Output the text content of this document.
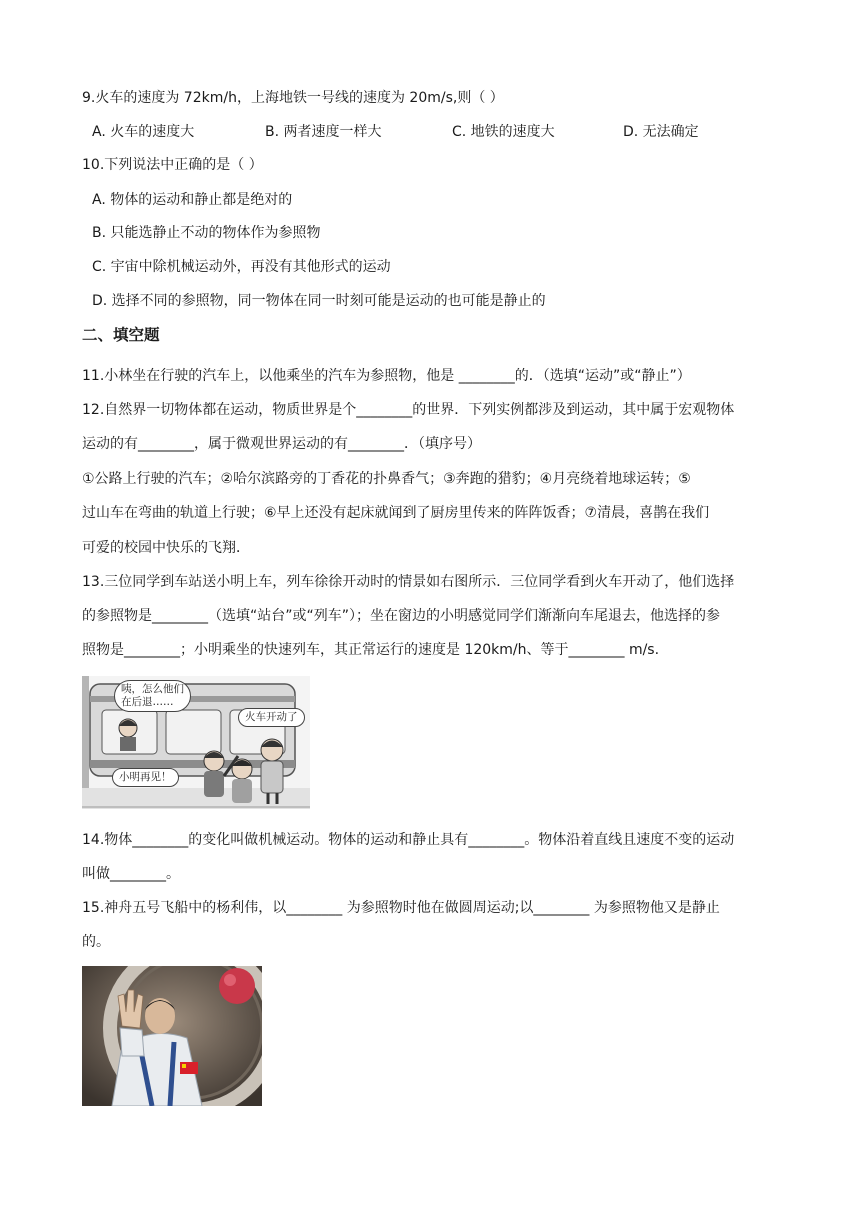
9.火车的速度为 72km/h，上海地铁一号线的速度为 20m/s,则（ ）
A. 火车的速度大	B. 两者速度一样大	C. 地铁的速度大	D. 无法确定
10.下列说法中正确的是（ ）
A. 物体的运动和静止都是绝对的
B. 只能选静止不动的物体作为参照物
C. 宇宙中除机械运动外，再没有其他形式的运动
D. 选择不同的参照物，同一物体在同一时刻可能是运动的也可能是静止的
二、填空题
11.小林坐在行驶的汽车上，以他乘坐的汽车为参照物，他是 ________的．（选填“运动”或“静止”）
12.自然界一切物体都在运动，物质世界是个________的世界．下列实例都涉及到运动，其中属于宏观物体
运动的有________，属于微观世界运动的有________．（填序号）
①公路上行驶的汽车；②哈尔滨路旁的丁香花的扑鼻香气；③奔跑的猎豹；④月亮绕着地球运转；⑤
过山车在弯曲的轨道上行驶；⑥早上还没有起床就闻到了厨房里传来的阵阵饭香；⑦清晨，喜鹊在我们
可爱的校园中快乐的飞翔．
13.三位同学到车站送小明上车，列车徐徐开动时的情景如右图所示．三位同学看到火车开动了，他们选择
的参照物是________（选填“站台”或“列车”）；坐在窗边的小明感觉同学们渐渐向车尾退去，他选择的参
照物是________；小明乘坐的快速列车，其正常运行的速度是 120km/h、等于________ m/s.
咦，怎么他们
在后退……
火车开动了
小明再见！
14.物体________的变化叫做机械运动。物体的运动和静止具有________。物体沿着直线且速度不变的运动
叫做________。
15.神舟五号飞船中的杨利伟，以________ 为参照物时他在做圆周运动;以________ 为参照物他又是静止
的。
